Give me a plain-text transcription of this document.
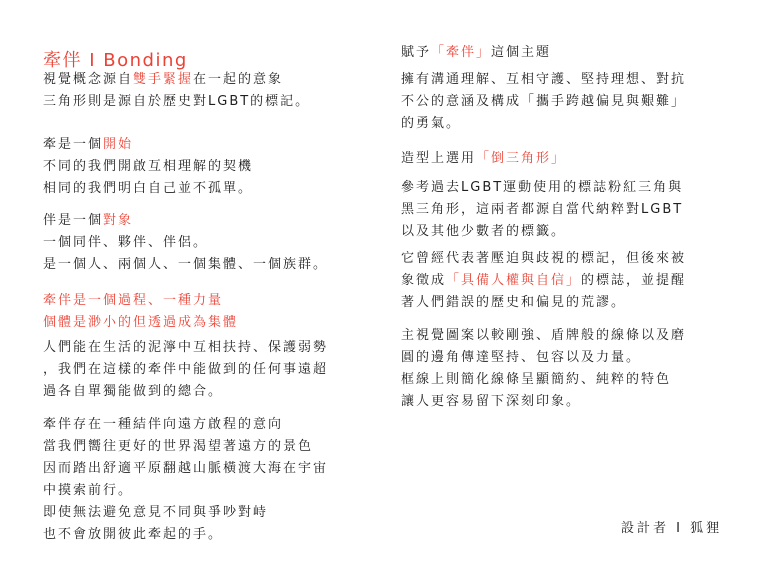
牽伴 I Bonding
視覺概念源自雙手緊握在一起的意象
三角形則是源自於歷史對LGBT的標記。
牽是一個開始
不同的我們開啟互相理解的契機
相同的我們明白自己並不孤單。
伴是一個對象
一個同伴、夥伴、伴侶。
是一個人、兩個人、一個集體、一個族群。
牽伴是一個過程、一種力量
個體是渺小的但透過成為集體
人們能在生活的泥濘中互相扶持、保護弱勢
，我們在這樣的牽伴中能做到的任何事遠超
過各自單獨能做到的總合。
牽伴存在一種結伴向遠方啟程的意向
當我們嚮往更好的世界渴望著遠方的景色
因而踏出舒適平原翻越山脈橫渡大海在宇宙
中摸索前行。
即使無法避免意見不同與爭吵對峙
也不會放開彼此牽起的手。
賦予「牽伴」這個主題
擁有溝通理解、互相守護、堅持理想、對抗
不公的意涵及構成「攜手跨越偏見與艱難」
的勇氣。
造型上選用「倒三角形」
參考過去LGBT運動使用的標誌粉紅三角與
黑三角形，這兩者都源自當代納粹對LGBT
以及其他少數者的標籤。
它曾經代表著壓迫與歧視的標記，但後來被
象徵成「具備人權與自信」的標誌，並提醒
著人們錯誤的歷史和偏見的荒謬。
主視覺圖案以較剛強、盾牌般的線條以及磨
圓的邊角傳達堅持、包容以及力量。
框線上則簡化線條呈顯簡約、純粹的特色
讓人更容易留下深刻印象。
設計者 I 狐狸
